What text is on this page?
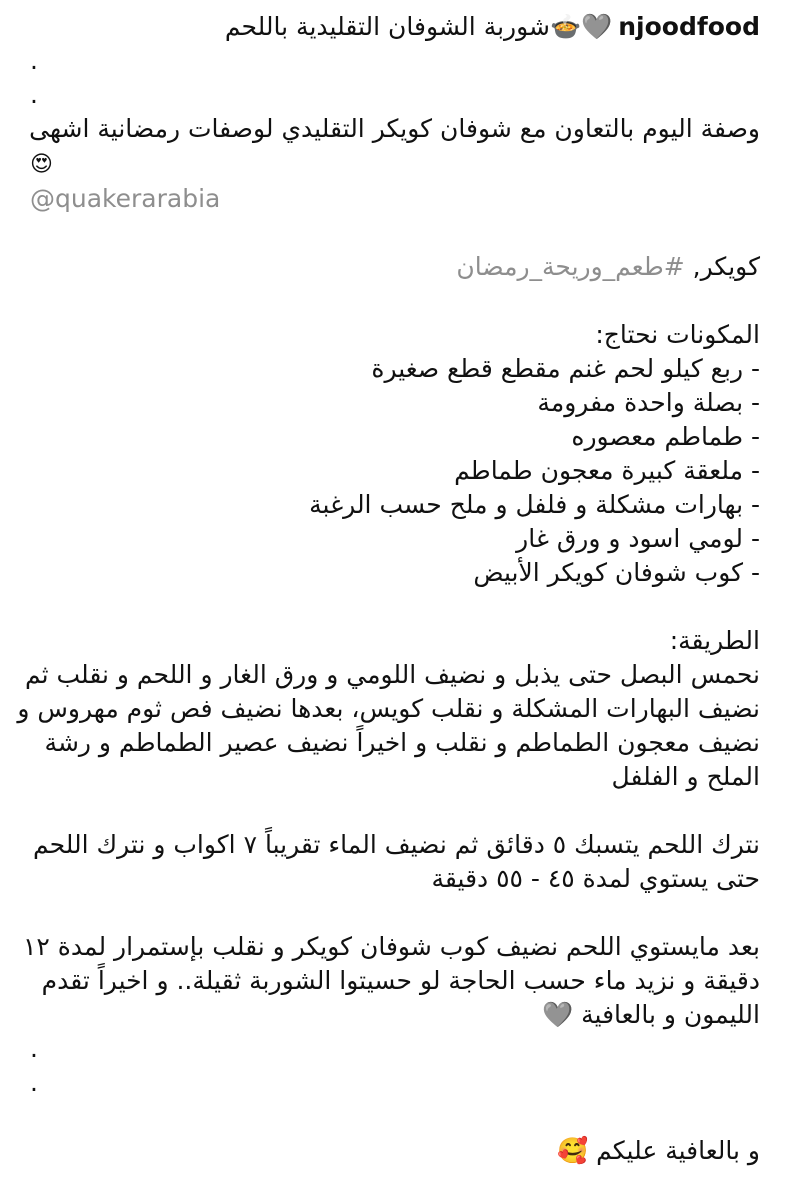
njoodfood
🩶🍲شوربة الشوفان التقليدية باللحم
.
.
وصفة اليوم بالتعاون مع شوفان كويكر التقليدي لوصفات رمضانية اشهى
😍
@quakerarabia
كويكر, #طعم_وريحة_رمضان
المكونات نحتاج:
- ربع كيلو لحم غنم مقطع قطع صغيرة
- بصلة واحدة مفرومة
- طماطم معصوره
- ملعقة كبيرة معجون طماطم
- بهارات مشكلة و فلفل و ملح حسب الرغبة
- لومي اسود و ورق غار
- كوب شوفان كويكر الأبيض
الطريقة:
نحمس البصل حتى يذبل و نضيف اللومي و ورق الغار و اللحم و نقلب ثم
نضيف البهارات المشكلة و نقلب كويس، بعدها نضيف فص ثوم مهروس و
نضيف معجون الطماطم و نقلب و اخيراً نضيف عصير الطماطم و رشة
الملح و الفلفل
نترك اللحم يتسبك ٥ دقائق ثم نضيف الماء تقريباً ٧ اكواب و نترك اللحم
حتى يستوي لمدة ٤٥ - ٥٥ دقيقة
بعد مايستوي اللحم نضيف كوب شوفان كويكر و نقلب بإستمرار لمدة ١٢
دقيقة و نزيد ماء حسب الحاجة لو حسيتوا الشوربة ثقيلة.. و اخيراً تقدم
الليمون و بالعافية 🩶
.
.
و بالعافية عليكم 🥰
